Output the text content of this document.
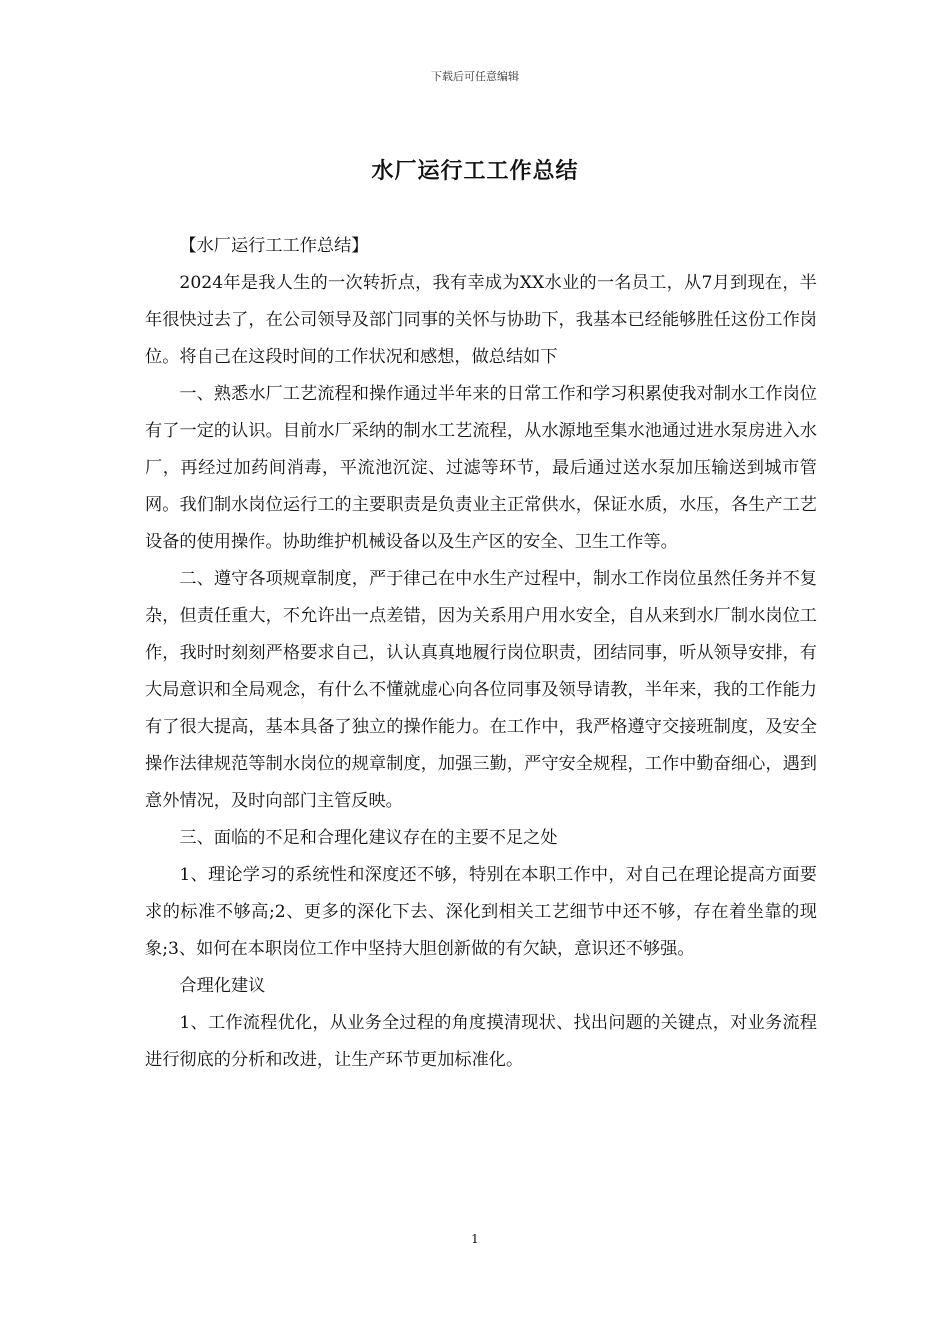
下载后可任意编辑
水厂运行工工作总结

【水厂运行工工作总结】

2024年是我人生的一次转折点，我有幸成为XX水业的一名员工，从7月到现在，半年很快过去了，在公司领导及部门同事的关怀与协助下，我基本已经能够胜任这份工作岗位。将自己在这段时间的工作状况和感想，做总结如下

一、熟悉水厂工艺流程和操作通过半年来的日常工作和学习积累使我对制水工作岗位有了一定的认识。目前水厂采纳的制水工艺流程，从水源地至集水池通过进水泵房进入水厂，再经过加药间消毒，平流池沉淀、过滤等环节，最后通过送水泵加压输送到城市管网。我们制水岗位运行工的主要职责是负责业主正常供水，保证水质，水压，各生产工艺设备的使用操作。协助维护机械设备以及生产区的安全、卫生工作等。

二、遵守各项规章制度，严于律己在中水生产过程中，制水工作岗位虽然任务并不复杂，但责任重大，不允许出一点差错，因为关系用户用水安全，自从来到水厂制水岗位工作，我时时刻刻严格要求自己，认认真真地履行岗位职责，团结同事，听从领导安排，有大局意识和全局观念，有什么不懂就虚心向各位同事及领导请教，半年来，我的工作能力有了很大提高，基本具备了独立的操作能力。在工作中，我严格遵守交接班制度，及安全操作法律规范等制水岗位的规章制度，加强三勤，严守安全规程，工作中勤奋细心，遇到意外情况，及时向部门主管反映。

三、面临的不足和合理化建议存在的主要不足之处

1、理论学习的系统性和深度还不够，特别在本职工作中，对自己在理论提高方面要求的标准不够高;2、更多的深化下去、深化到相关工艺细节中还不够，存在着坐靠的现象;3、如何在本职岗位工作中坚持大胆创新做的有欠缺，意识还不够强。

合理化建议

1、工作流程优化，从业务全过程的角度摸清现状、找出问题的关键点，对业务流程进行彻底的分析和改进，让生产环节更加标准化。

1
